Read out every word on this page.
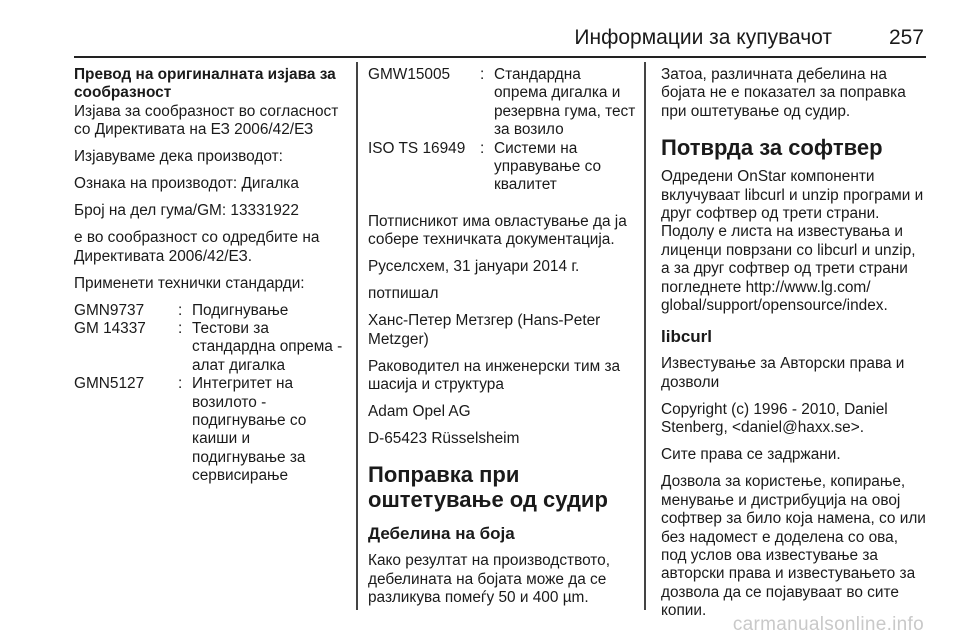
Информации за купувачот	257

Превод на оригиналната изјава за сообразност

Изјава за сообразност во согласност со Директивата на ЕЗ 2006/42/ЕЗ

Изјавуваме дека производот:

Ознака на производот: Дигалка

Број на дел гума/GM: 13331922

е во сообразност со одредбите на Директивата 2006/42/ЕЗ.

Применети технички стандарди:

GMN9737	: Подигнување
GM 14337	: Тестови за стандардна опрема - алат дигалка
GMN5127	: Интегритет на возилото - подигнување со каиши и подигнување за сервисирање
GMW15005	: Стандардна опрема дигалка и резервна гума, тест за возило
ISO TS 16949 : Системи на управување со квалитет

Потписникот има овластување да ја собере техничката документација.

Руселсхем, 31 јануари 2014 г.

потпишал

Ханс-Петер Метзгер (Hans-Peter Metzger)

Раководител на инженерски тим за шасија и структура

Adam Opel AG

D-65423 Rüsselsheim

Поправка при оштетување од судир
Дебелина на боја

Како резултат на производството, дебелината на бојата може да се разликува помеѓу 50 и 400 µm.

Затоа, различната дебелина на бојата не е показател за поправка при оштетување од судир.

Потврда за софтвер

Одредени OnStar компоненти вклучуваат libcurl и unzip програми и друг софтвер од трети страни. Подолу е листа на известувања и лиценци поврзани со libcurl и unzip, а за друг софтвер од трети страни погледнете http://www.lg.com/ global/support/opensource/index.

libcurl

Известување за Авторски права и дозволи

Copyright (c) 1996 - 2010, Daniel Stenberg, <daniel@haxx.se>.

Сите права се задржани.

Дозвола за користење, копирање, менување и дистрибуција на овој софтвер за било која намена, со или без надомест е доделена со ова, под услов ова известување за авторски права и известувањето за дозвола да се појавуваат во сите копии.

carmanualsonline.info
